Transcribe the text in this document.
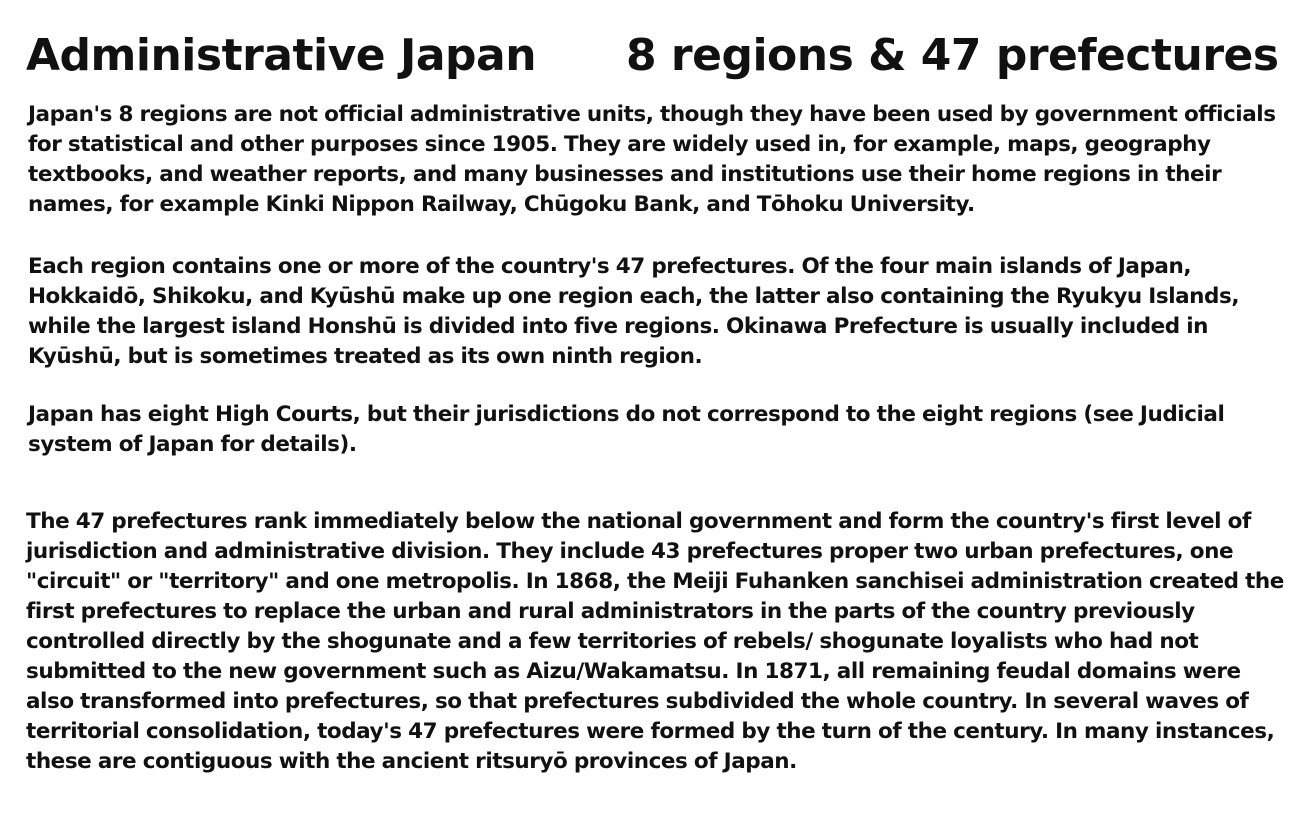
Administrative Japan 8 regions & 47 prefectures

Japan's 8 regions are not official administrative units, though they have been used by government officials for statistical and other purposes since 1905. They are widely used in, for example, maps, geography textbooks, and weather reports, and many businesses and institutions use their home regions in their names, for example Kinki Nippon Railway, Chūgoku Bank, and Tōhoku University.

Each region contains one or more of the country's 47 prefectures. Of the four main islands of Japan, Hokkaidō, Shikoku, and Kyūshū make up one region each, the latter also containing the Ryukyu Islands, while the largest island Honshū is divided into five regions. Okinawa Prefecture is usually included in Kyūshū, but is sometimes treated as its own ninth region.

Japan has eight High Courts, but their jurisdictions do not correspond to the eight regions (see Judicial system of Japan for details).

The 47 prefectures rank immediately below the national government and form the country's first level of jurisdiction and administrative division. They include 43 prefectures proper two urban prefectures, one "circuit" or "territory" and one metropolis. In 1868, the Meiji Fuhanken sanchisei administration created the first prefectures to replace the urban and rural administrators in the parts of the country previously controlled directly by the shogunate and a few territories of rebels/ shogunate loyalists who had not submitted to the new government such as Aizu/Wakamatsu. In 1871, all remaining feudal domains were also transformed into prefectures, so that prefectures subdivided the whole country. In several waves of territorial consolidation, today's 47 prefectures were formed by the turn of the century. In many instances, these are contiguous with the ancient ritsuryō provinces of Japan.
